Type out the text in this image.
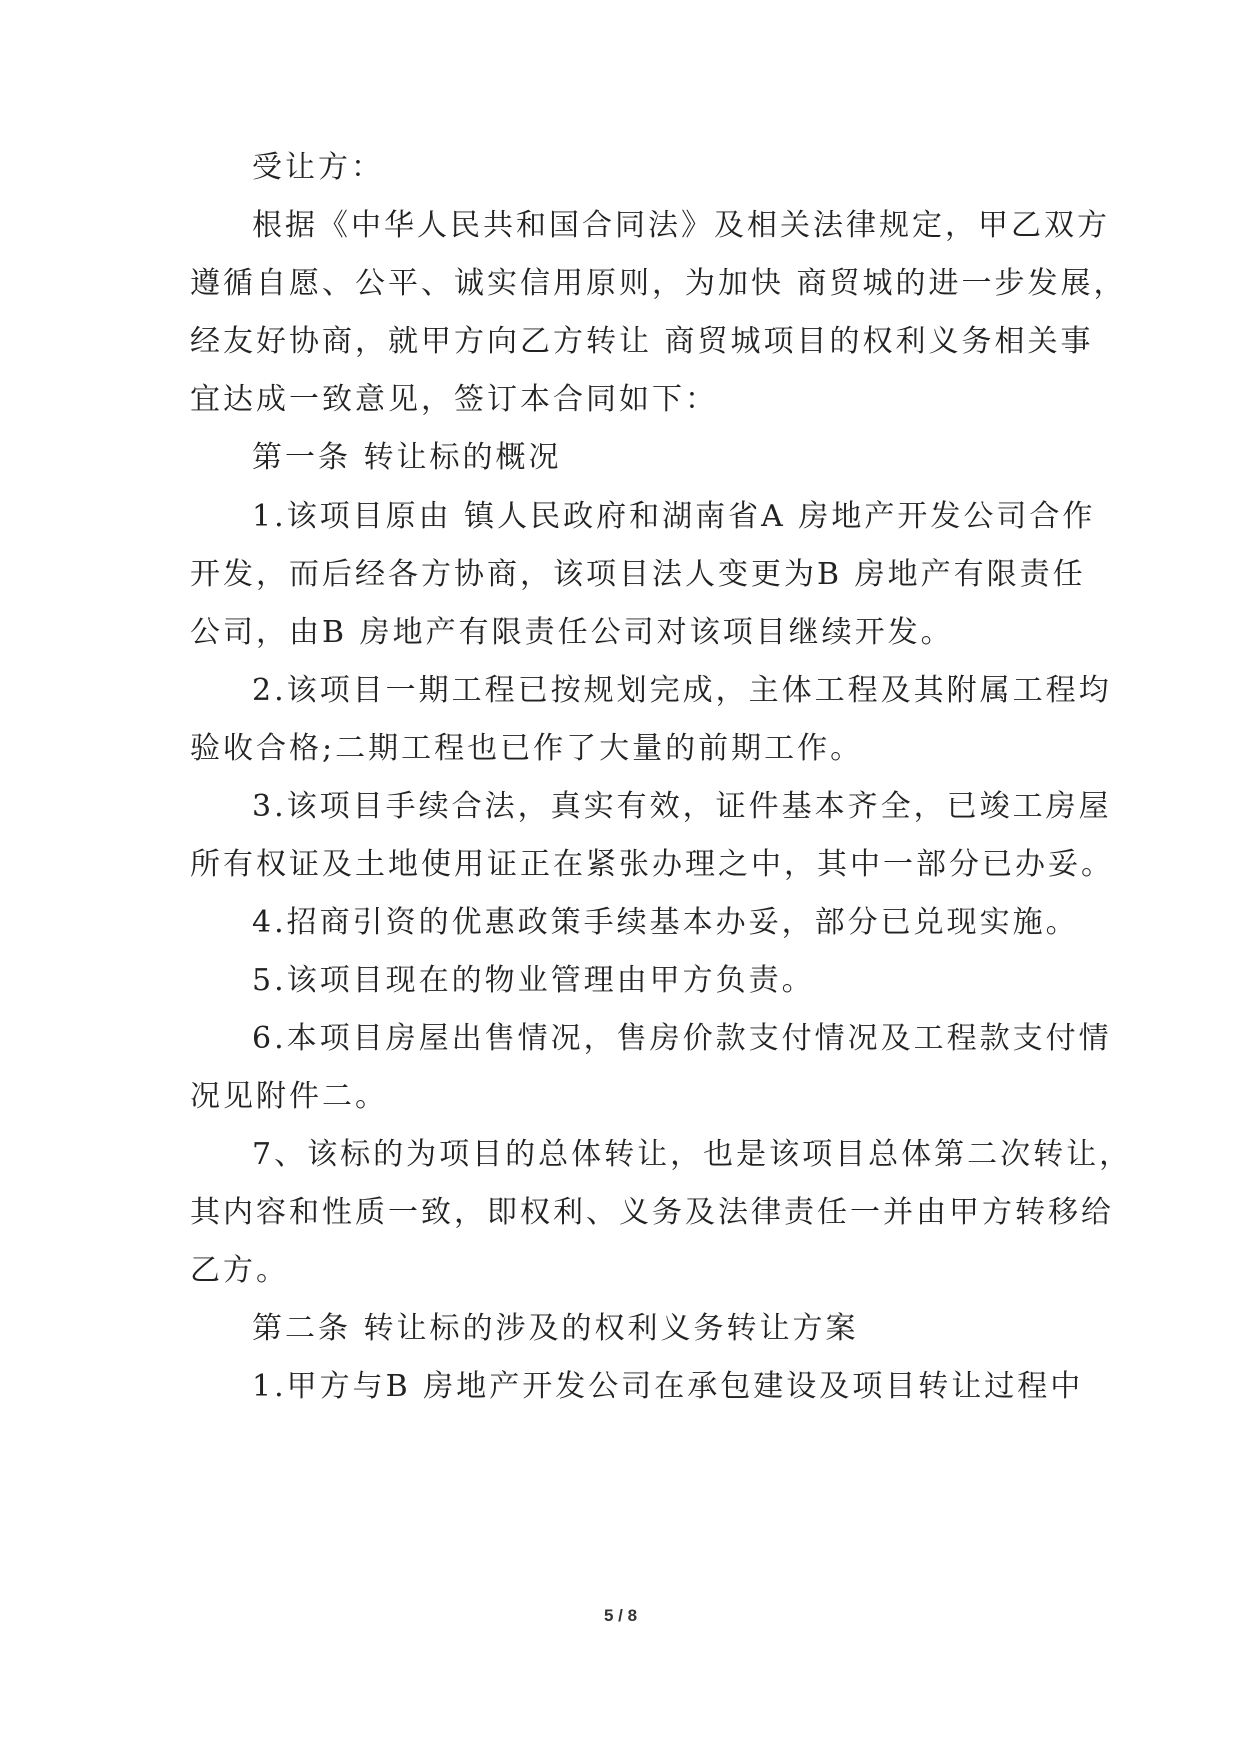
受让方：
根据《中华人民共和国合同法》及相关法律规定，甲乙双方
遵循自愿、公平、诚实信用原则，为加快 商贸城的进一步发展，
经友好协商，就甲方向乙方转让 商贸城项目的权利义务相关事
宜达成一致意见，签订本合同如下：
第一条 转让标的概况
1.该项目原由 镇人民政府和湖南省A 房地产开发公司合作
开发，而后经各方协商，该项目法人变更为B 房地产有限责任
公司，由B 房地产有限责任公司对该项目继续开发。
2.该项目一期工程已按规划完成，主体工程及其附属工程均
验收合格;二期工程也已作了大量的前期工作。
3.该项目手续合法，真实有效，证件基本齐全，已竣工房屋
所有权证及土地使用证正在紧张办理之中，其中一部分已办妥。
4.招商引资的优惠政策手续基本办妥，部分已兑现实施。
5.该项目现在的物业管理由甲方负责。
6.本项目房屋出售情况，售房价款支付情况及工程款支付情
况见附件二。
7、该标的为项目的总体转让，也是该项目总体第二次转让，
其内容和性质一致，即权利、义务及法律责任一并由甲方转移给
乙方。
第二条 转让标的涉及的权利义务转让方案
1.甲方与B 房地产开发公司在承包建设及项目转让过程中
5 / 8
